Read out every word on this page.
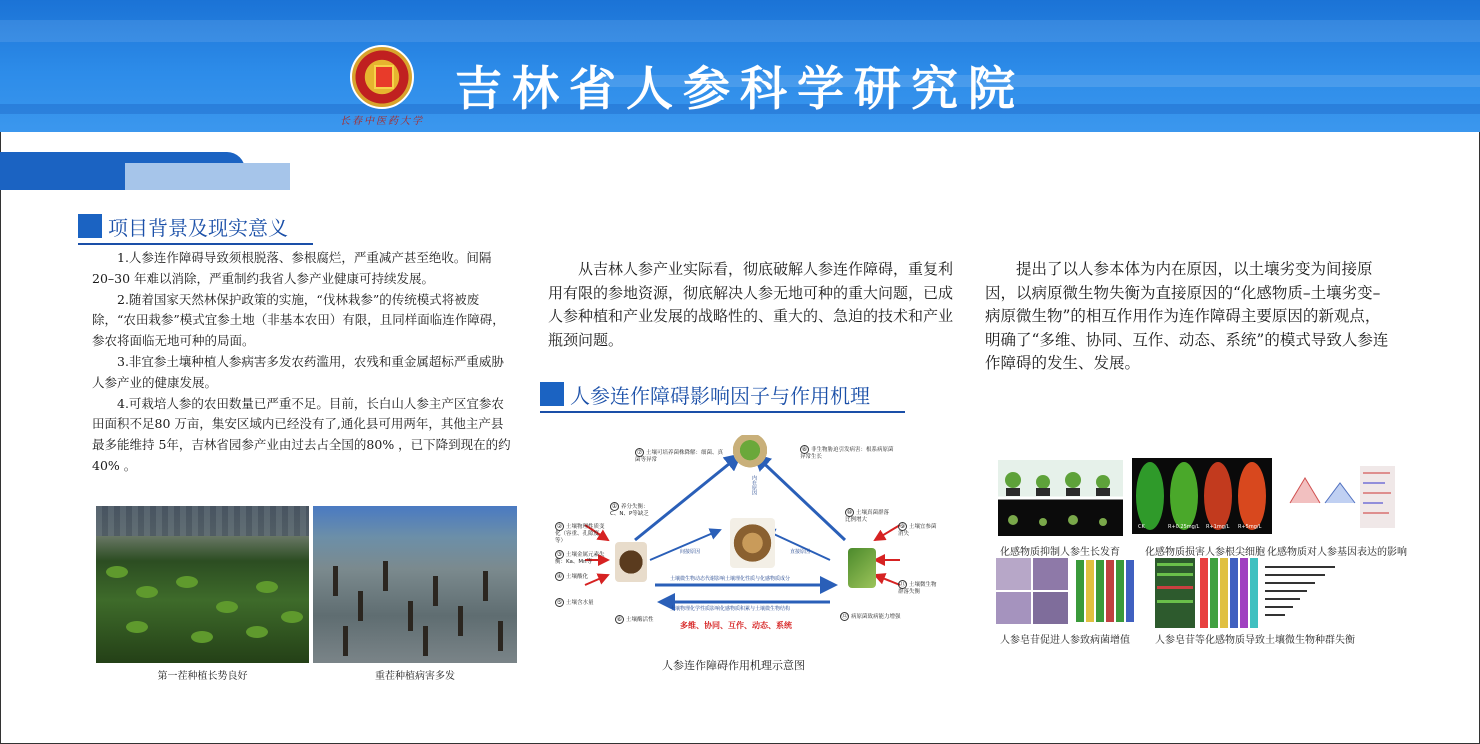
长春中医药大学
吉林省人参科学研究院
项目背景及现实意义

1.人参连作障碍导致须根脱落、参根腐烂，严重减产甚至绝收。间隔20–30 年难以消除，严重制约我省人参产业健康可持续发展。

2.随着国家天然林保护政策的实施，“伐林栽参”的传统模式将被废除，“农田栽参”模式宜参土地（非基本农田）有限，且同样面临连作障碍，参农将面临无地可种的局面。

3.非宜参土壤种植人参病害多发农药滥用，农残和重金属超标严重威胁人参产业的健康发展。

4.可栽培人参的农田数量已严重不足。目前，长白山人参主产区宜参农田面积不足80 万亩，集安区域内已经没有了,通化县可用两年，其他主产县最多能维持 5年，吉林省园参产业由过去占全国的80% ，已下降到现在的约40% 。

第一茬种植长势良好	重茬种植病害多发
从吉林人参产业实际看，彻底破解人参连作障碍，重复利用有限的参地资源，彻底解决人参无地可种的重大问题，已成人参种植和产业发展的战略性的、重大的、急迫的技术和产业瓶颈问题。
人参连作障碍影响因子与作用机理
② 土壤物理性质变化（容重、孔隙度等）
① 养分失衡：C、N、P等缺乏
③ 土壤金属元素失衡：Ka、Mn等
④ 土壤酸化
⑤ 土壤含水量
⑥ 土壤酶活性
⑦ 土壤可培养菌株降解：细菌、真菌等异常
⑧ 非生物胁迫引发病害：根系病原菌异常生长
⑨ 土壤宜参菌消失
⑩ 土壤真菌群落比例增大
⑪ 土壤微生物群落失衡
⑫ 病原菌致病能力增强
内在原因
间接原因	直接原因
土壤微生物动态代谢影响土壤理化性质与化感物质成分
土壤物理化学性质影响化感物质积累与土壤微生物结构
多维、协同、互作、动态、系统
人参连作障碍作用机理示意图
提出了以人参本体为内在原因，以土壤劣变为间接原因，以病原微生物失衡为直接原因的“化感物质–土壤劣变–病原微生物”的相互作用作为连作障碍主要原因的新观点，明确了“多维、协同、互作、动态、系统”的模式导致人参连作障碍的发生、发展。
化感物质抑制人参生长发育
CK	R+0.25mg/L R+1mg/L R+5mg/L
化感物质损害人参根尖细胞 化感物质对人参基因表达的影响
人参皂苷促进人参致病菌增值	人参皂苷等化感物质导致土壤微生物种群失衡
